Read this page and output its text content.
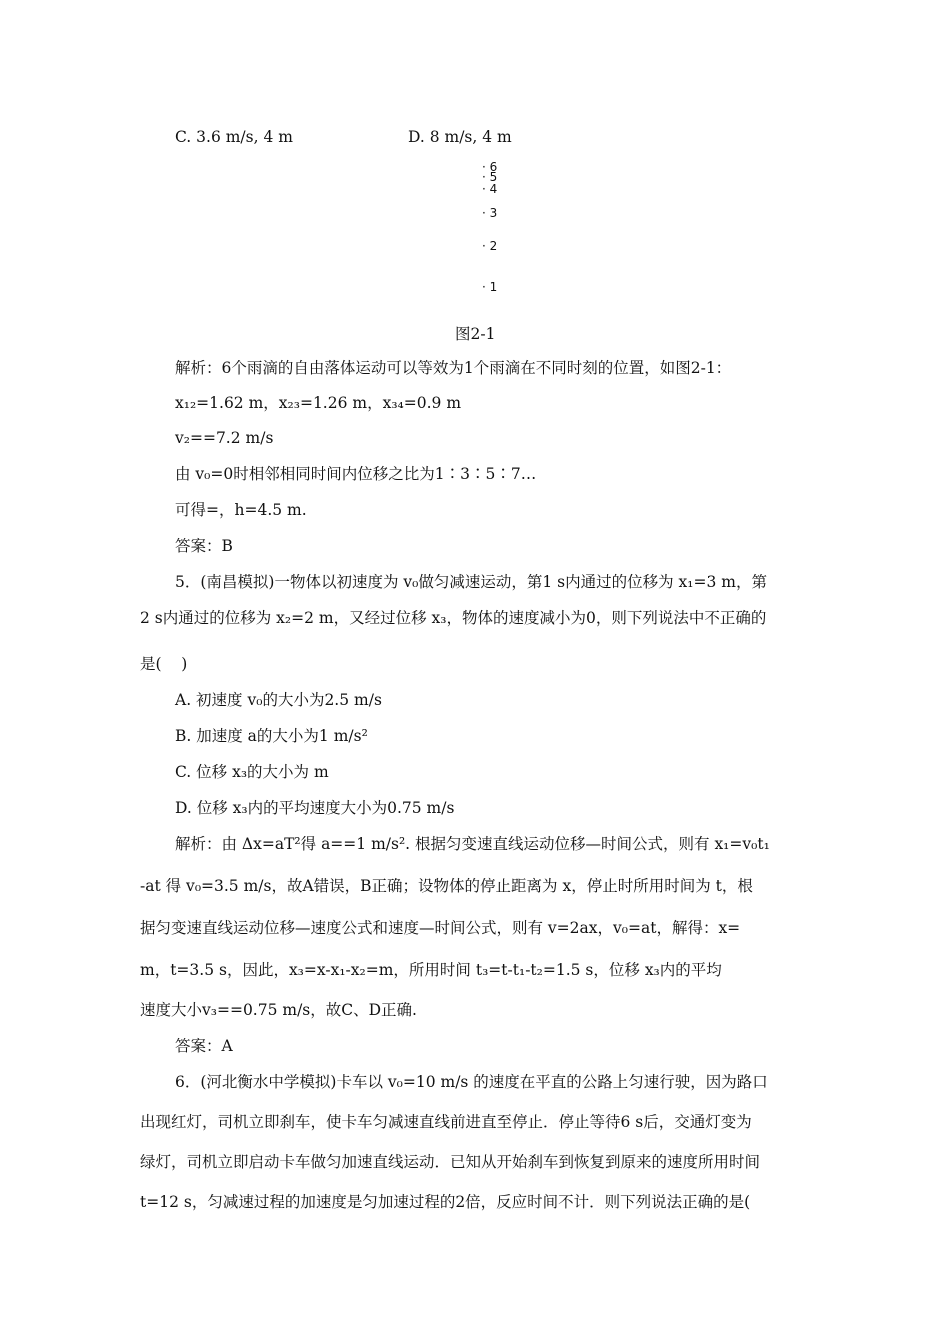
C. 3.6 m/s, 4 m	D. 8 m/s, 4 m
· 6
· 5
· 4
· 3
· 2
· 1
图2-1
解析：6个雨滴的自由落体运动可以等效为1个雨滴在不同时刻的位置，如图2-1：
x₁₂=1.62 m，x₂₃=1.26 m，x₃₄=0.9 m
v₂==7.2 m/s
由 v₀=0时相邻相同时间内位移之比为1∶3∶5∶7…
可得=，h=4.5 m.
答案：B
5．(南昌模拟)一物体以初速度为 v₀做匀减速运动，第1 s内通过的位移为 x₁=3 m，第
2 s内通过的位移为 x₂=2 m，又经过位移 x₃，物体的速度减小为0，则下列说法中不正确的
是(    )
A. 初速度 v₀的大小为2.5 m/s
B. 加速度 a的大小为1 m/s²
C. 位移 x₃的大小为 m
D. 位移 x₃内的平均速度大小为0.75 m/s
解析：由 Δx=aT²得 a==1 m/s². 根据匀变速直线运动位移—时间公式，则有 x₁=v₀t₁
-at 得 v₀=3.5 m/s，故A错误，B正确；设物体的停止距离为 x，停止时所用时间为 t，根
据匀变速直线运动位移—速度公式和速度—时间公式，则有 v=2ax，v₀=at，解得：x=
m，t=3.5 s，因此，x₃=x-x₁-x₂=m，所用时间 t₃=t-t₁-t₂=1.5 s，位移 x₃内的平均
速度大小v₃==0.75 m/s，故C、D正确.
答案：A
6．(河北衡水中学模拟)卡车以 v₀=10 m/s 的速度在平直的公路上匀速行驶，因为路口
出现红灯，司机立即刹车，使卡车匀减速直线前进直至停止．停止等待6 s后，交通灯变为
绿灯，司机立即启动卡车做匀加速直线运动．已知从开始刹车到恢复到原来的速度所用时间
t=12 s，匀减速过程的加速度是匀加速过程的2倍，反应时间不计．则下列说法正确的是(
